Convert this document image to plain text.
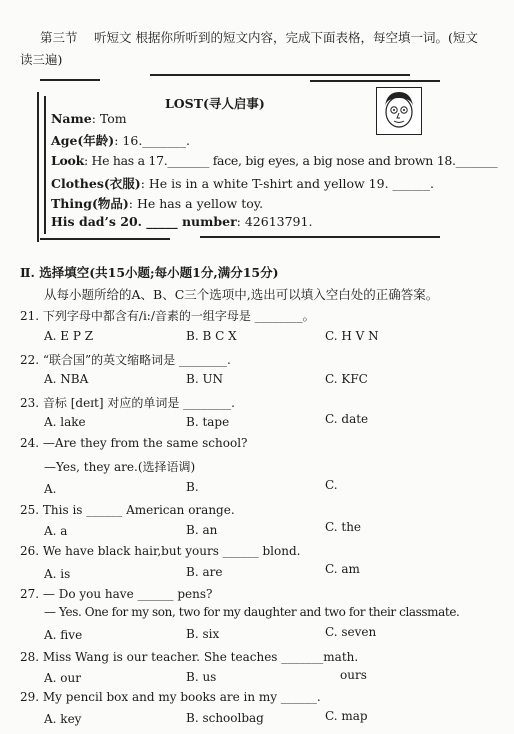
第三节 听短文 根据你所听到的短文内容，完成下面表格，每空填一词。(短文
读三遍)
LOST(寻人启事)
Name: Tom
Age(年龄): 16._______.
Look: He has a 17._______ face, big eyes, a big nose and brown 18._______
Clothes(衣服): He is in a white T-shirt and yellow 19. ______.
Thing(物品): He has a yellow toy.
His dad’s 20. _____ number: 42613791.
Ⅱ. 选择填空(共15小题;每小题1分,满分15分)
从每小题所给的A、B、C三个选项中,选出可以填入空白处的正确答案。
21. 下列字母中都含有/i:/音素的一组字母是 ________。
A. E P Z	B. B C X	C. H V N
22. “联合国”的英文缩略词是 ________.
A. NBA	B. UN	C. KFC
23. 音标 [deɪt] 对应的单词是 ________.
A. lake	B. tape	C. date
24. —Are they from the same school?
—Yes, they are.(选择语调)
A.	B.	C.
25. This is ______ American orange.
A. a	B. an	C. the
26. We have black hair,but yours ______ blond.
A. is	B. are	C. am
27. — Do you have ______ pens?
— Yes. One for my son, two for my daughter and two for their classmate.
A. five	B. six	C. seven
28. Miss Wang is our teacher. She teaches _______math.
A. our	B. us	ours
29. My pencil box and my books are in my ______.
A. key	B. schoolbag	C. map
